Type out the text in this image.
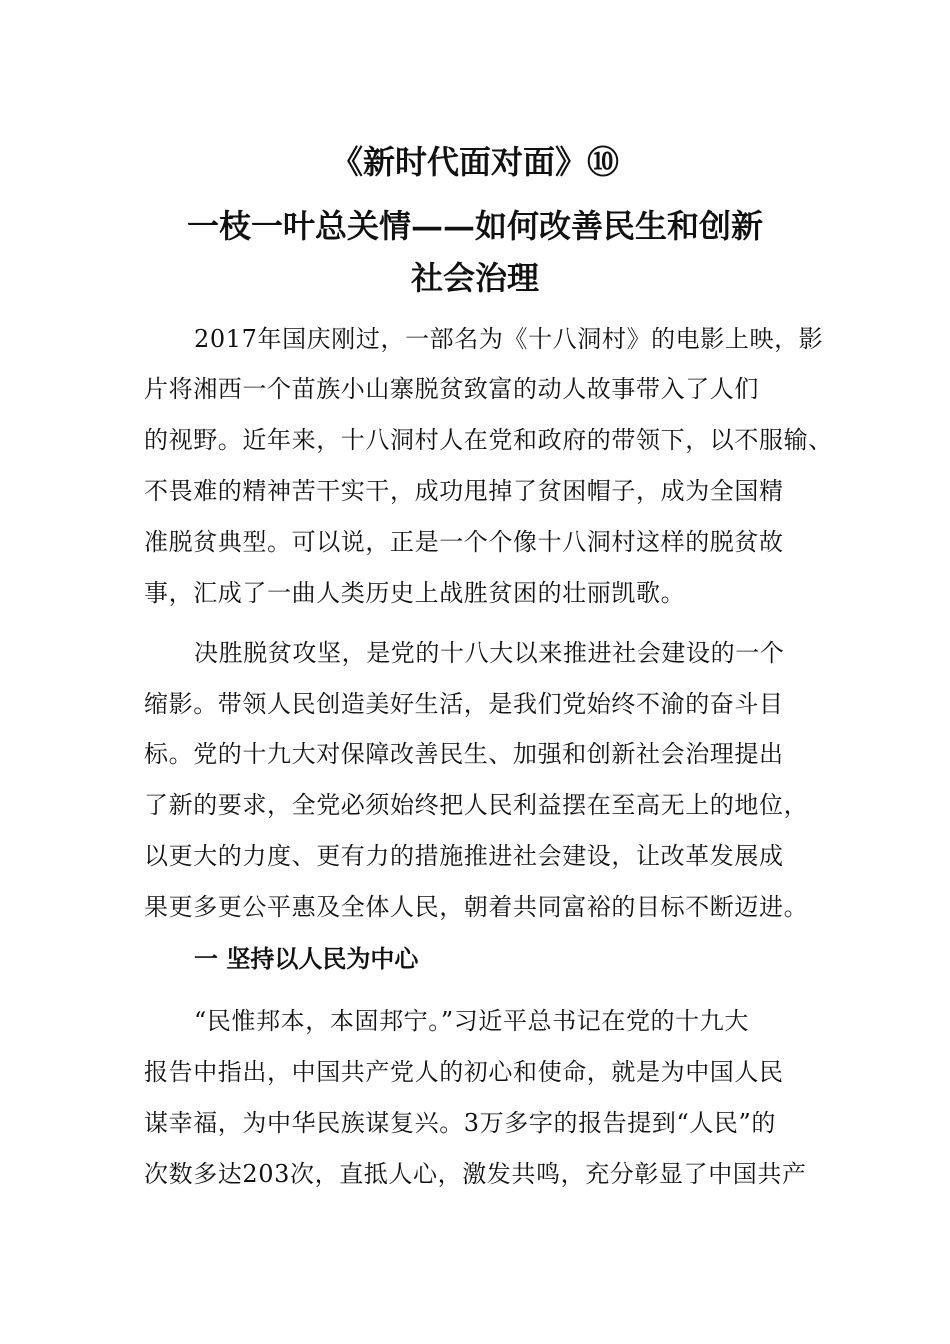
《新时代面对面》⑩
一枝一叶总关情——如何改善民生和创新
社会治理

2017年国庆刚过，一部名为《十八洞村》的电影上映，影

片将湘西一个苗族小山寨脱贫致富的动人故事带入了人们

的视野。近年来，十八洞村人在党和政府的带领下，以不服输、

不畏难的精神苦干实干，成功甩掉了贫困帽子，成为全国精

准脱贫典型。可以说，正是一个个像十八洞村这样的脱贫故

事，汇成了一曲人类历史上战胜贫困的壮丽凯歌。

决胜脱贫攻坚，是党的十八大以来推进社会建设的一个

缩影。带领人民创造美好生活，是我们党始终不渝的奋斗目

标。党的十九大对保障改善民生、加强和创新社会治理提出

了新的要求，全党必须始终把人民利益摆在至高无上的地位，

以更大的力度、更有力的措施推进社会建设，让改革发展成

果更多更公平惠及全体人民，朝着共同富裕的目标不断迈进。

一 坚持以人民为中心

“民惟邦本，本固邦宁。”习近平总书记在党的十九大

报告中指出，中国共产党人的初心和使命，就是为中国人民

谋幸福，为中华民族谋复兴。3万多字的报告提到“人民”的

次数多达203次，直抵人心，激发共鸣，充分彰显了中国共产
